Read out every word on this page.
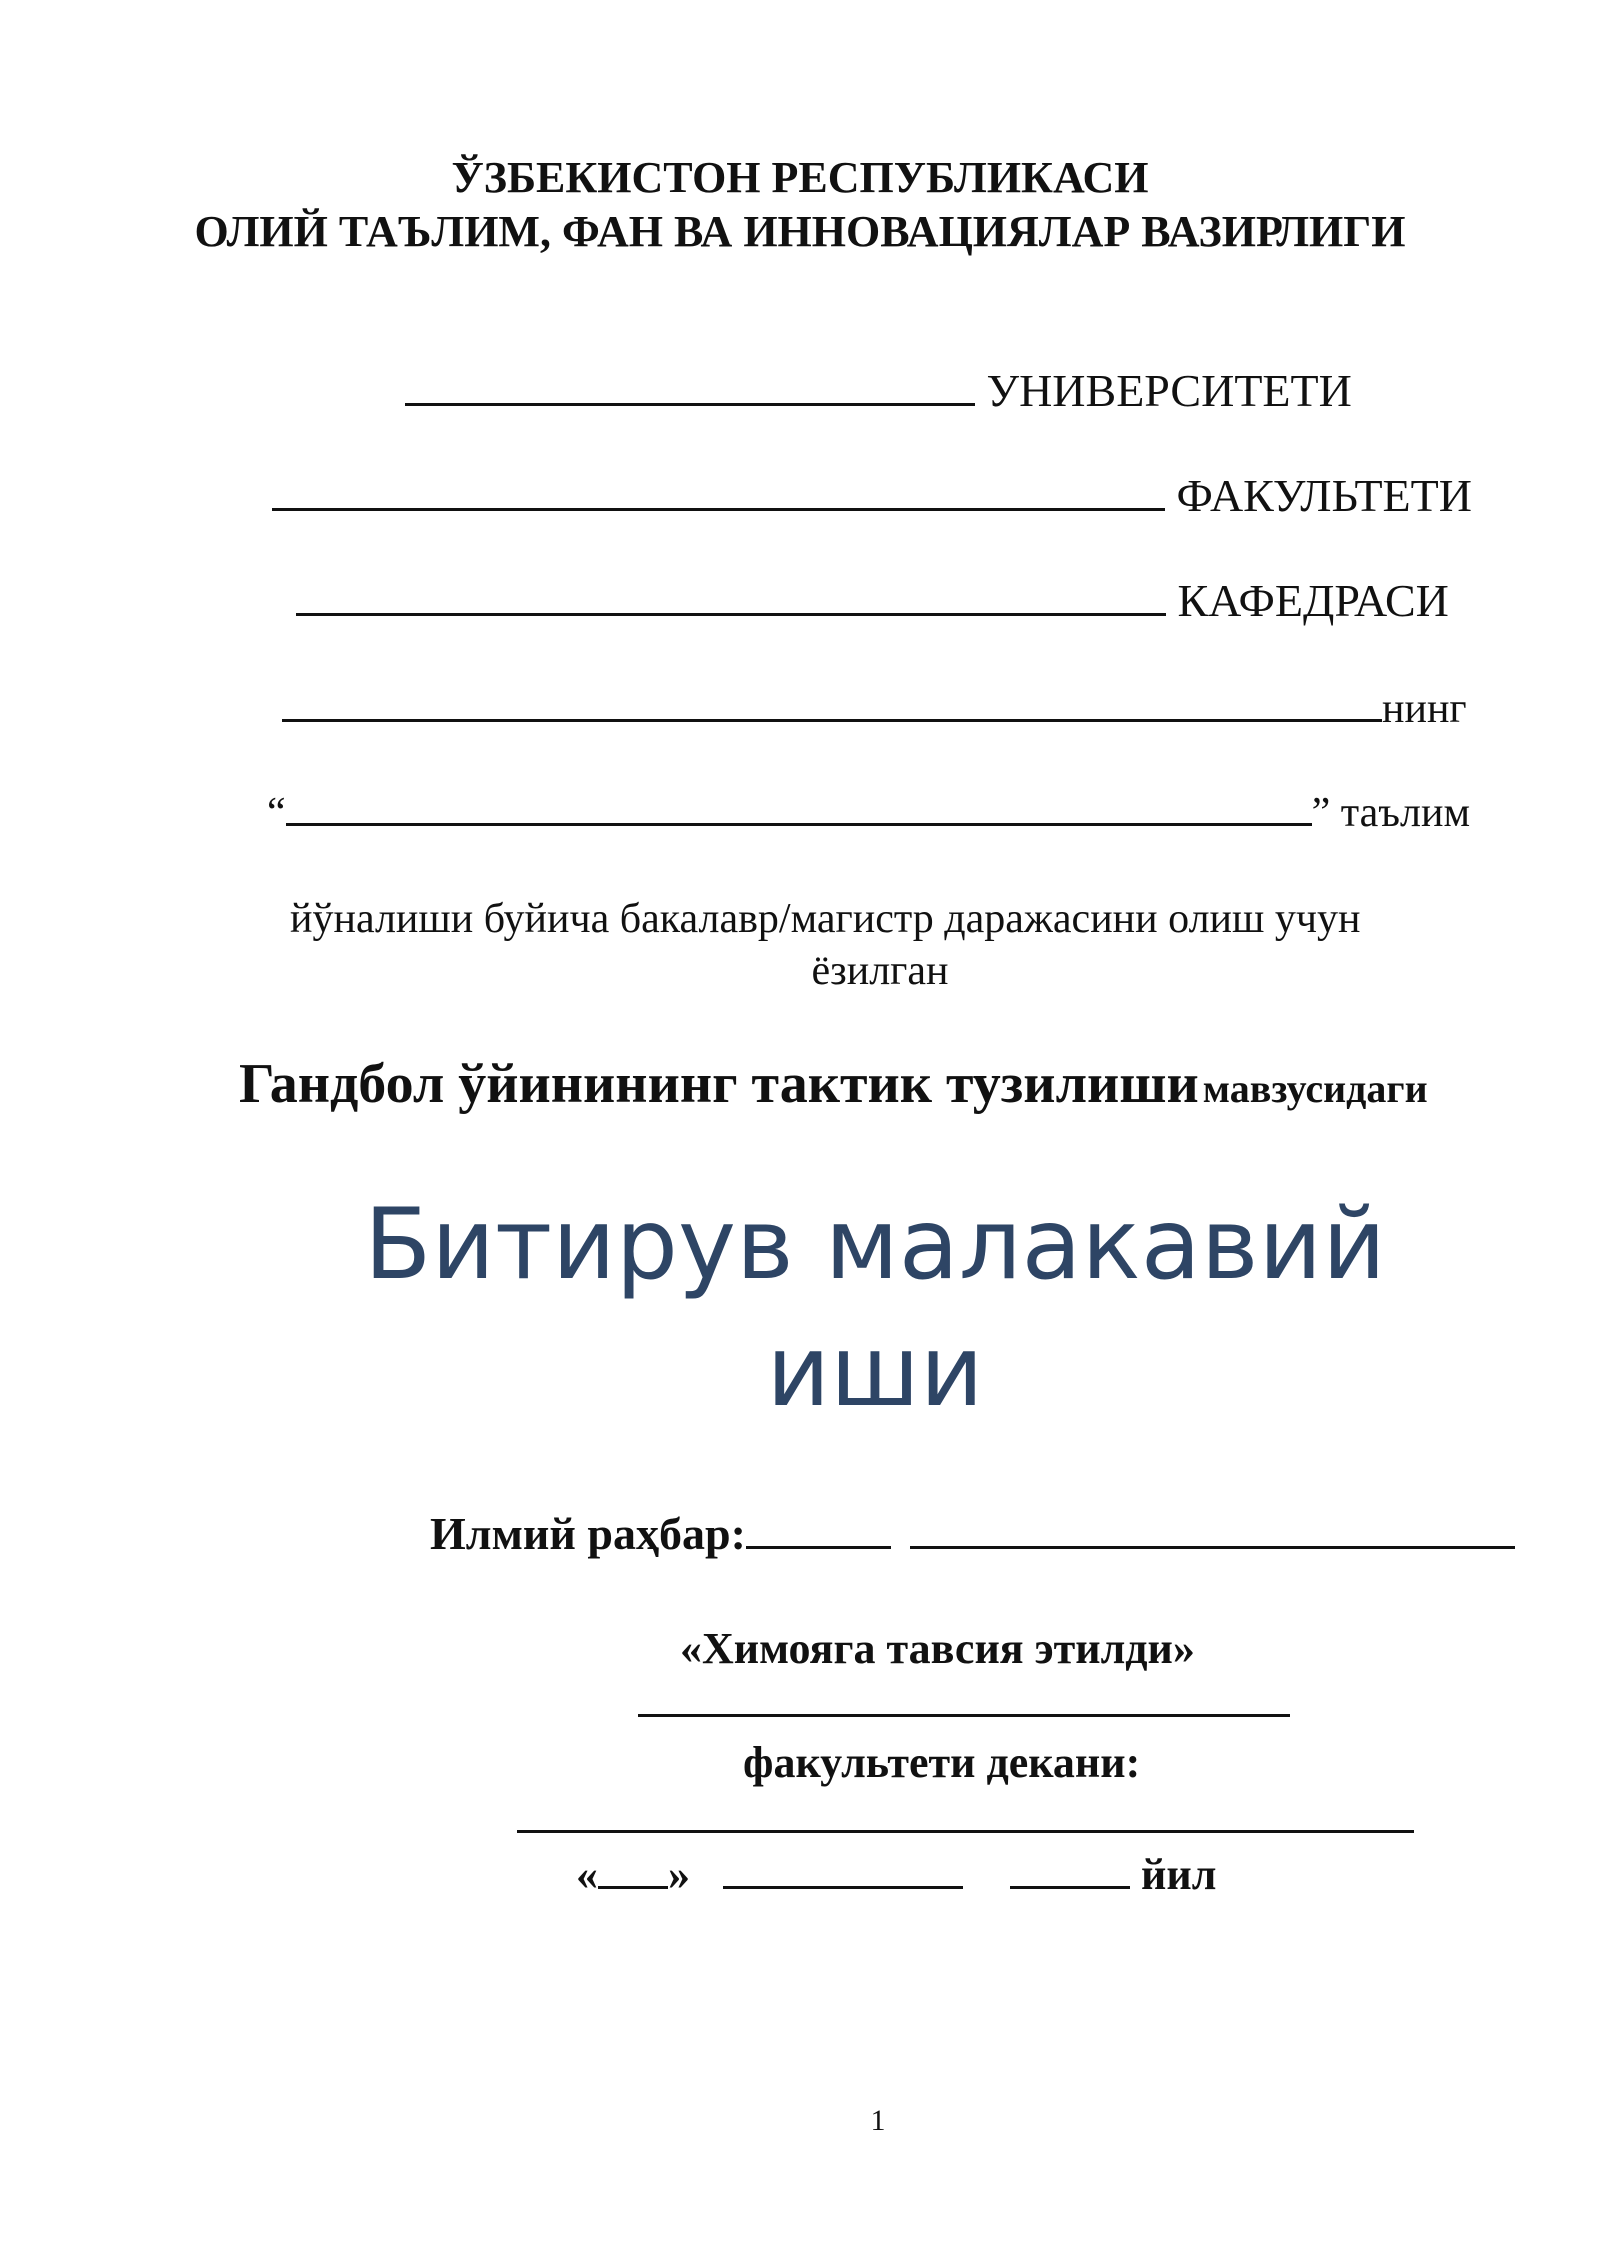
ЎЗБЕКИСТОН РЕСПУБЛИКАСИ
ОЛИЙ ТАЪЛИМ, ФАН ВА ИННОВАЦИЯЛАР ВАЗИРЛИГИ
УНИВЕРСИТЕТИ
ФАКУЛЬТЕТИ
КАФЕДРАСИ
нинг
“	” таълим
йўналиши буйича бакалавр/магистр даражасини олиш учун
ёзилган
Гандбол ўйинининг тактик тузилиши мавзусидаги
Битирув малакавий
иши
Илмий раҳбар:
«Химояга тавсия этилди»
факультети декани:
« »	йил
1
